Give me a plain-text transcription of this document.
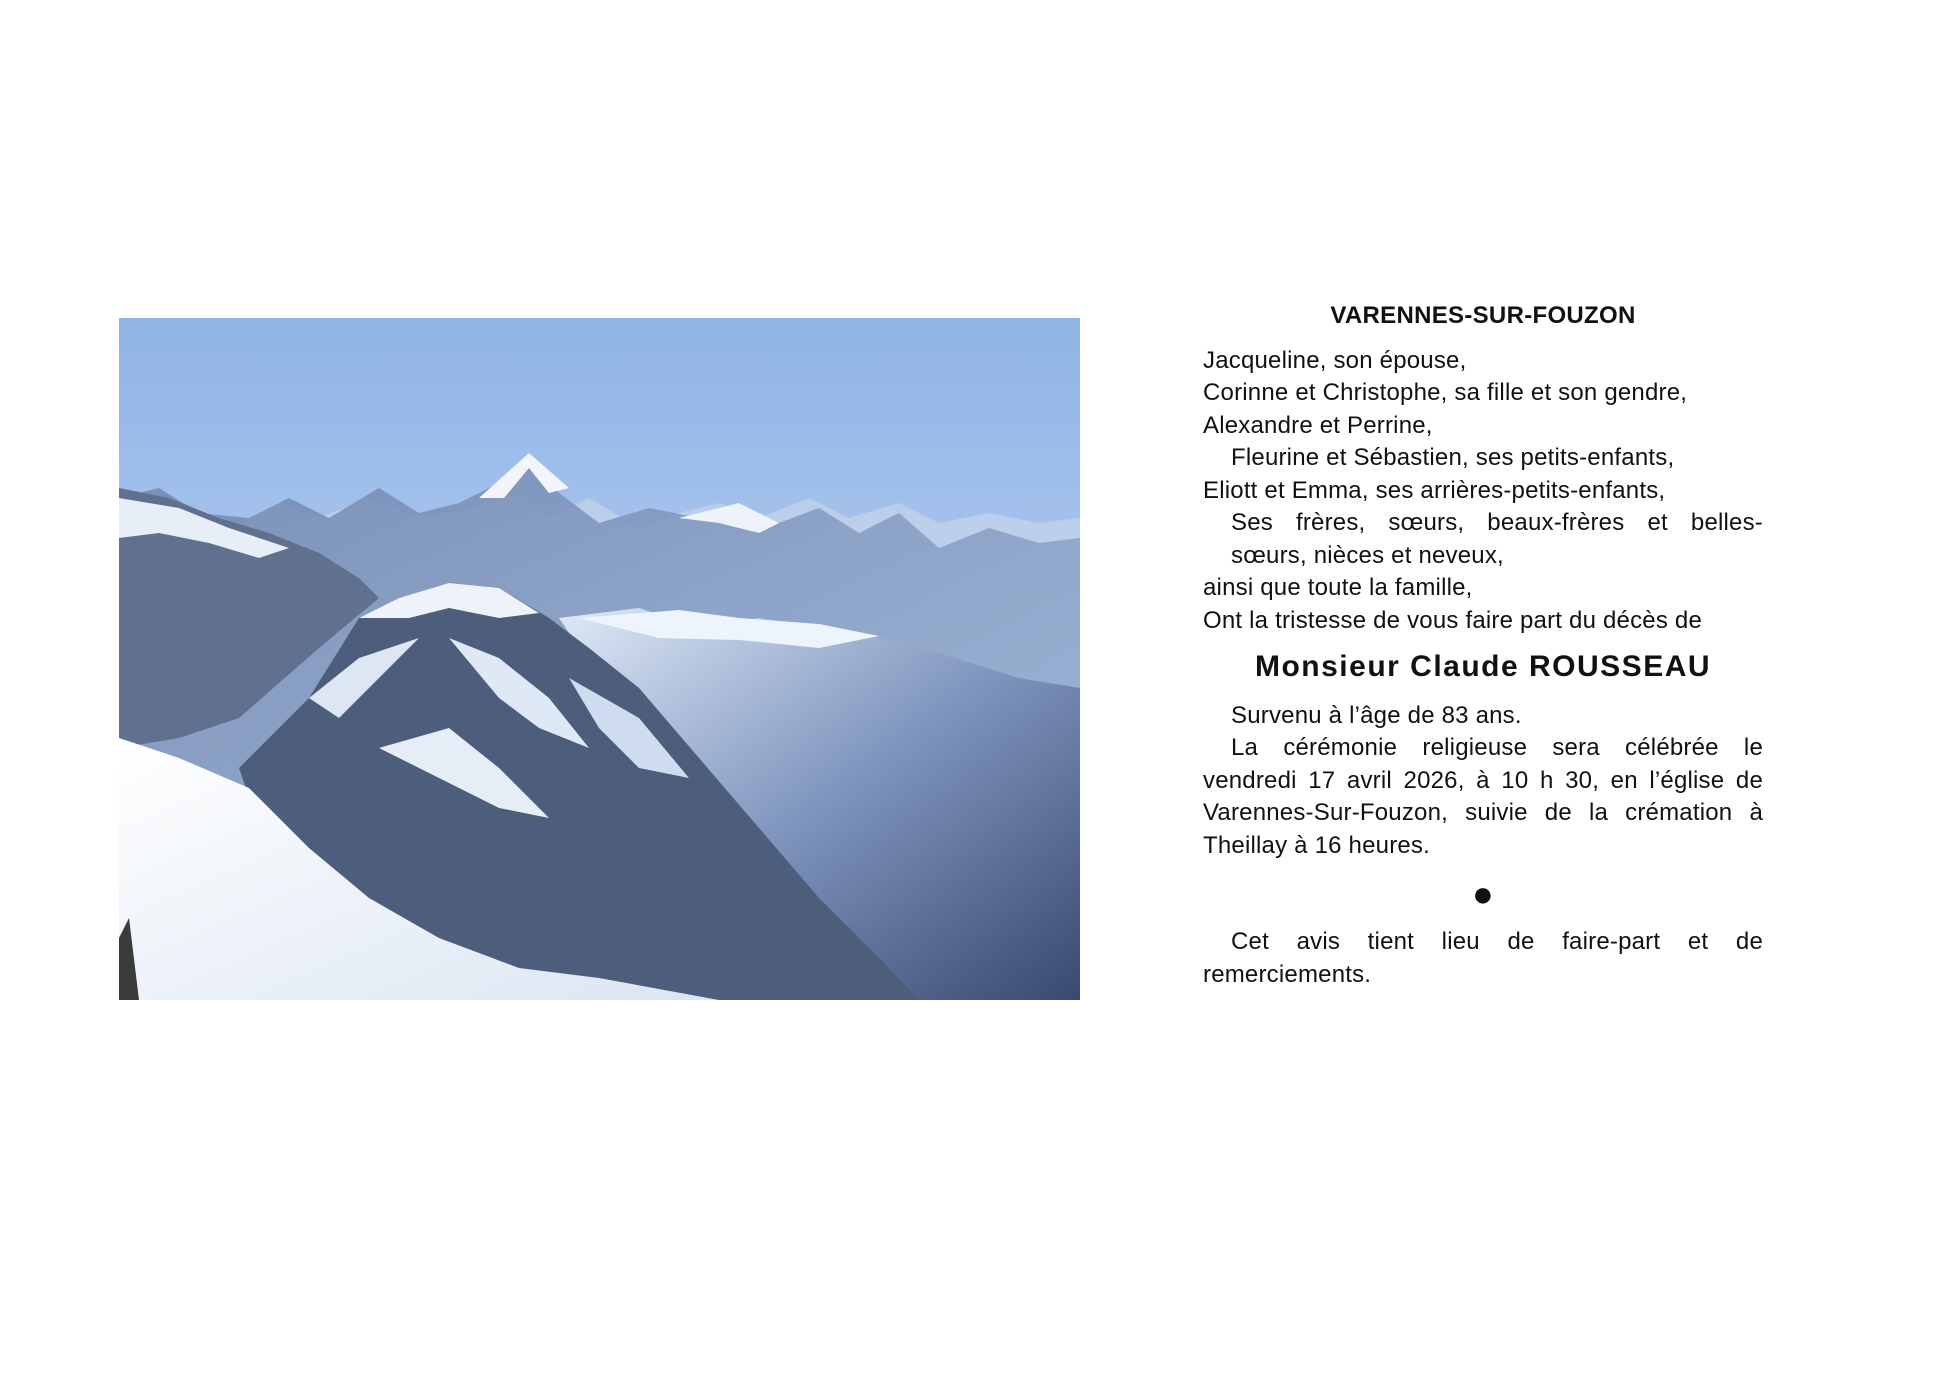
VARENNES-SUR-FOUZON

Jacqueline, son épouse,

Corinne et Christophe, sa fille et son gendre,

Alexandre et Perrine,

Fleurine et Sébastien, ses petits-enfants,

Eliott et Emma, ses arrières-petits-enfants,

Ses frères, sœurs, beaux-frères et belles-

sœurs, nièces et neveux,

ainsi que toute la famille,

Ont la tristesse de vous faire part du décès de

Monsieur Claude ROUSSEAU

Survenu à l’âge de 83 ans.

La cérémonie religieuse sera célébrée le vendredi 17 avril 2026, à 10 h 30, en l’église de Varennes-Sur-Fouzon, suivie de la crémation à Theillay à 16 heures.

●

Cet avis tient lieu de faire-part et de remerciements.
